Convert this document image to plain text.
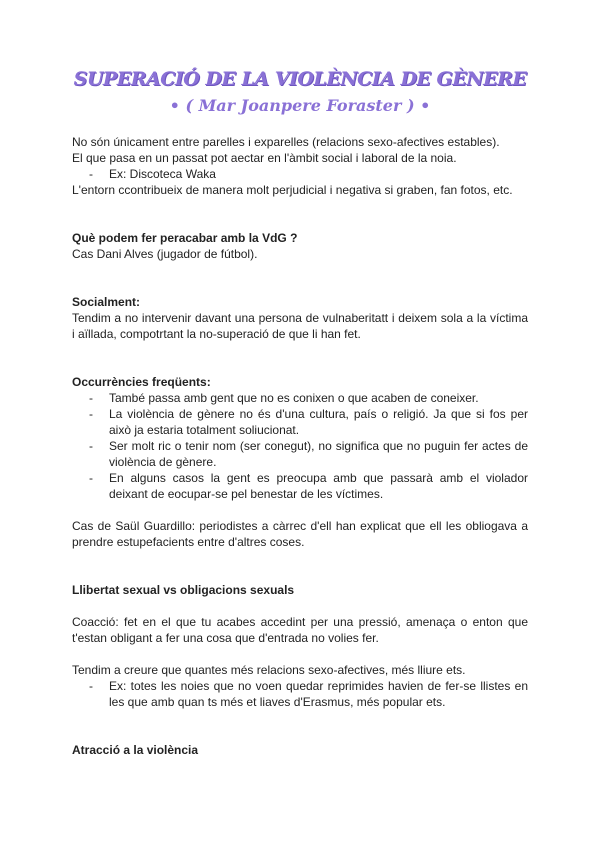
SUPERACIÓ DE LA VIOLÈNCIA DE GÈNERE
• ( Mar Joanpere Foraster ) •

No són únicament entre parelles i exparelles (relacions sexo-afectives estables).

El que pasa en un passat pot aectar en l'àmbit social i laboral de la noia.

- Ex: Discoteca Waka

L'entorn ccontribueix de manera molt perjudicial i negativa si graben, fan fotos, etc.

Què podem fer peracabar amb la VdG ?

Cas Dani Alves (jugador de fútbol).

Socialment:

Tendim a no intervenir davant una persona de vulnaberitatt i deixem sola a la víctima i aïllada, compotrtant la no-superació de que li han fet.

Occurrències freqüents:

- També passa amb gent que no es conixen o que acaben de coneixer.
- La violència de gènere no és d'una cultura, país o religió. Ja que si fos per això ja estaria totalment soliucionat.
- Ser molt ric o tenir nom (ser conegut), no significa que no puguin fer actes de violència de gènere.
- En alguns casos la gent es preocupa amb que passarà amb el violador deixant de eocupar-se pel benestar de les víctimes.

Cas de Saül Guardillo: periodistes a càrrec d'ell han explicat que ell les obliogava a prendre estupefacients entre d'altres coses.

Llibertat sexual vs obligacions sexuals

Coacció: fet en el que tu acabes accedint per una pressió, amenaça o enton que t'estan obligant a fer una cosa que d'entrada no volies fer.

Tendim a creure que quantes més relacions sexo-afectives, més lliure ets.

- Ex: totes les noies que no voen quedar reprimides havien de fer-se llistes en les que amb quan ts més et liaves d'Erasmus, més popular ets.

Atracció a la violència
